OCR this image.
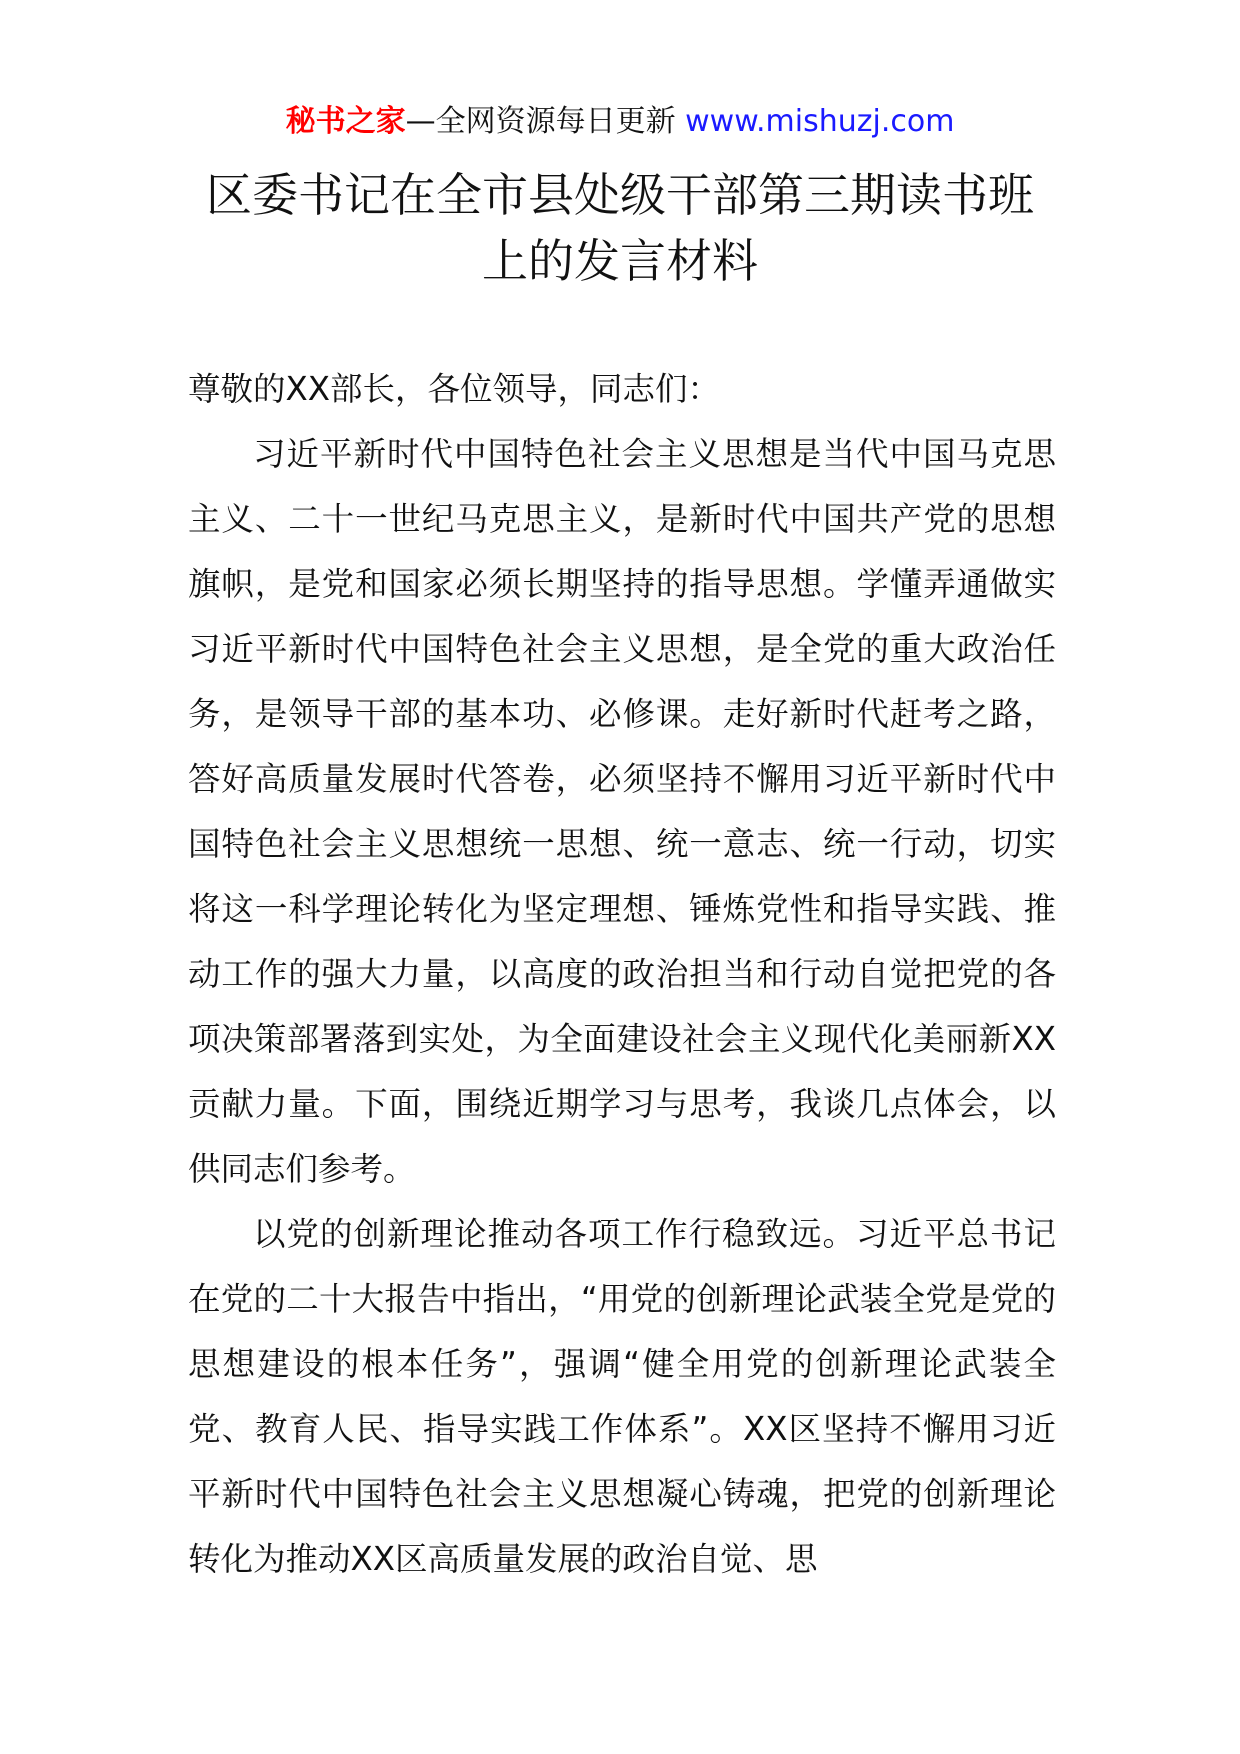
秘书之家—全网资源每日更新 www.mishuzj.com
区委书记在全市县处级干部第三期读书班
上的发言材料

尊敬的XX部长，各位领导，同志们：

习近平新时代中国特色社会主义思想是当代中国马克思主义、二十一世纪马克思主义，是新时代中国共产党的思想旗帜，是党和国家必须长期坚持的指导思想。学懂弄通做实习近平新时代中国特色社会主义思想，是全党的重大政治任务，是领导干部的基本功、必修课。走好新时代赶考之路，答好高质量发展时代答卷，必须坚持不懈用习近平新时代中国特色社会主义思想统一思想、统一意志、统一行动，切实将这一科学理论转化为坚定理想、锤炼党性和指导实践、推动工作的强大力量，以高度的政治担当和行动自觉把党的各项决策部署落到实处，为全面建设社会主义现代化美丽新XX贡献力量。下面，围绕近期学习与思考，我谈几点体会，以供同志们参考。

以党的创新理论推动各项工作行稳致远。习近平总书记在党的二十大报告中指出，“用党的创新理论武装全党是党的思想建设的根本任务”，强调“健全用党的创新理论武装全党、教育人民、指导实践工作体系”。XX区坚持不懈用习近平新时代中国特色社会主义思想凝心铸魂，把党的创新理论转化为推动XX区高质量发展的政治自觉、思
